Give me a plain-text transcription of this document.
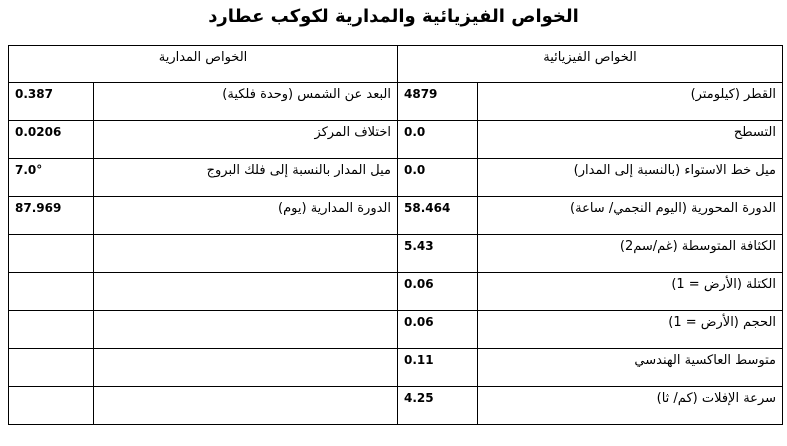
الخواص الفيزيائية والمدارية لكوكب عطارد
الخواص المدارية		الخواص الفيزيائية	
0.387	البعد عن الشمس (وحدة فلكية)	4879	القطر (كيلومتر)
0.0206	اختلاف المركز	0.0	التسطح
7.0°	ميل المدار بالنسبة إلى فلك البروج	0.0	ميل خط الاستواء (بالنسبة إلى المدار)
87.969	الدورة المدارية (يوم)	58.464	الدورة المحورية (اليوم النجمي/ ساعة)
		5.43	الكثافة المتوسطة (غم/سم2)
		0.06	الكتلة (الأرض = 1)
		0.06	الحجم (الأرض = 1)
		0.11	متوسط العاكسية الهندسي
		4.25	سرعة الإفلات (كم/ ثا)
